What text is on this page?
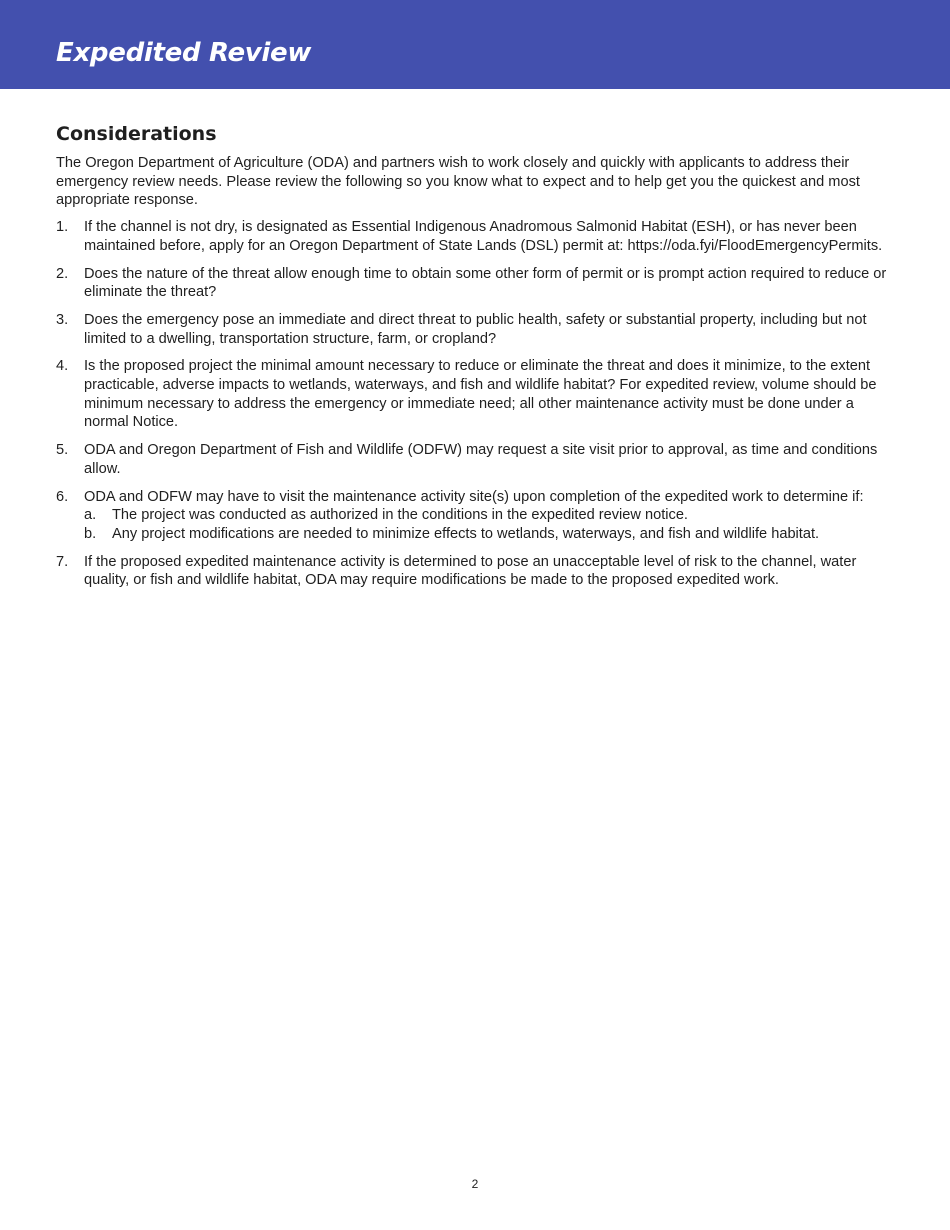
Expedited Review
Considerations

The Oregon Department of Agriculture (ODA) and partners wish to work closely and quickly with applicants to address their emergency review needs. Please review the following so you know what to expect and to help get you the quickest and most appropriate response.

1. If the channel is not dry, is designated as Essential Indigenous Anadromous Salmonid Habitat (ESH), or has never been maintained before, apply for an Oregon Department of State Lands (DSL) permit at: https://oda.fyi/FloodEmergencyPermits.
2. Does the nature of the threat allow enough time to obtain some other form of permit or is prompt action required to reduce or eliminate the threat?
3. Does the emergency pose an immediate and direct threat to public health, safety or substantial property, including but not limited to a dwelling, transportation structure, farm, or cropland?
4. Is the proposed project the minimal amount necessary to reduce or eliminate the threat and does it minimize, to the extent practicable, adverse impacts to wetlands, waterways, and fish and wildlife habitat? For expedited review, volume should be minimum necessary to address the emergency or immediate need; all other maintenance activity must be done under a normal Notice.
5. ODA and Oregon Department of Fish and Wildlife (ODFW) may request a site visit prior to approval, as time and conditions allow.
6. ODA and ODFW may have to visit the maintenance activity site(s) upon completion of the expedited work to determine if:
a. The project was conducted as authorized in the conditions in the expedited review notice.
b. Any project modifications are needed to minimize effects to wetlands, waterways, and fish and wildlife habitat.
7. If the proposed expedited maintenance activity is determined to pose an unacceptable level of risk to the channel, water quality, or fish and wildlife habitat, ODA may require modifications be made to the proposed expedited work.
2
